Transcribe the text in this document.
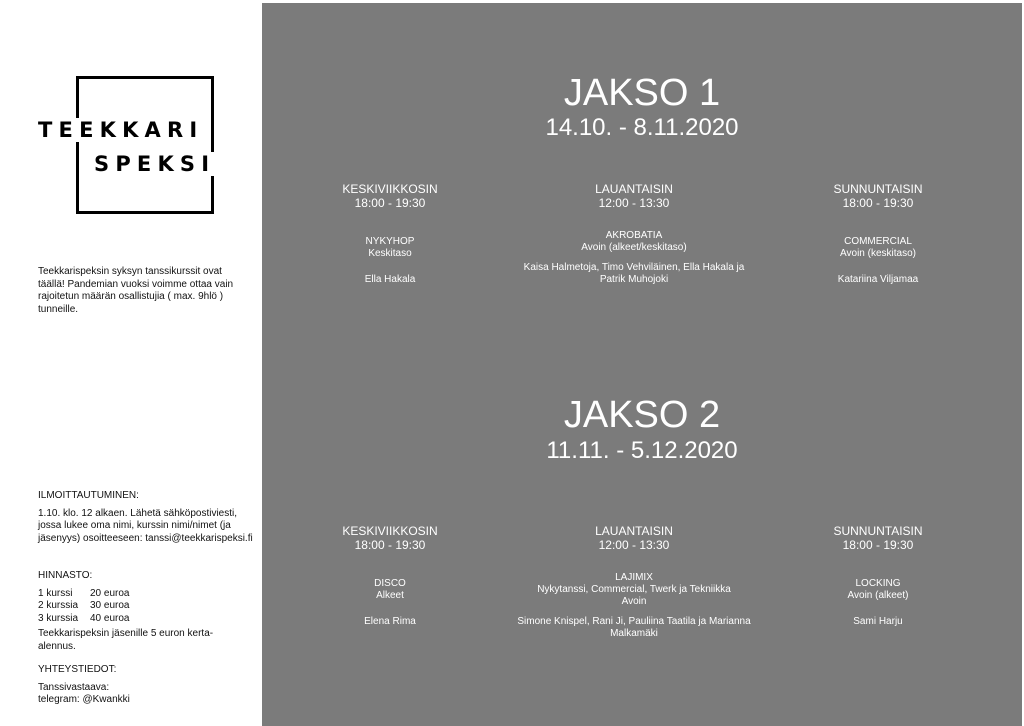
TEEKKARI
SPEKSI
Teekkarispeksin syksyn tanssikurssit ovat täällä! Pandemian vuoksi voimme ottaa vain rajoitetun määrän osallistujia ( max. 9hlö ) tunneille.
ILMOITTAUTUMINEN:
1.10. klo. 12 alkaen. Lähetä sähköpostiviesti, jossa lukee oma nimi, kurssin nimi/nimet (ja jäsenyys) osoitteeseen: tanssi@teekkarispeksi.fi
HINNASTO:
1 kurssi	20 euroa
2 kurssia	30 euroa
3 kurssia	40 euroa
Teekkarispeksin jäsenille 5 euron kerta-alennus.
YHTEYSTIEDOT:
Tanssivastaava:
telegram: @Kwankki
JAKSO 1
14.10. - 8.11.2020
KESKIVIIKKOSIN
18:00 - 19:30
NYKYHOP
Keskitaso
Ella Hakala
LAUANTAISIN
12:00 - 13:30
AKROBATIA
Avoin (alkeet/keskitaso)
Kaisa Halmetoja, Timo Vehviläinen, Ella Hakala ja Patrik Muhojoki
SUNNUNTAISIN
18:00 - 19:30
COMMERCIAL
Avoin (keskitaso)
Katariina Viljamaa
JAKSO 2
11.11. - 5.12.2020
KESKIVIIKKOSIN
18:00 - 19:30
DISCO
Alkeet
Elena Rima
LAUANTAISIN
12:00 - 13:30
LAJIMIX
Nykytanssi, Commercial, Twerk ja Tekniikka
Avoin
Simone Knispel, Rani Ji, Pauliina Taatila ja Marianna Malkamäki
SUNNUNTAISIN
18:00 - 19:30
LOCKING
Avoin (alkeet)
Sami Harju
